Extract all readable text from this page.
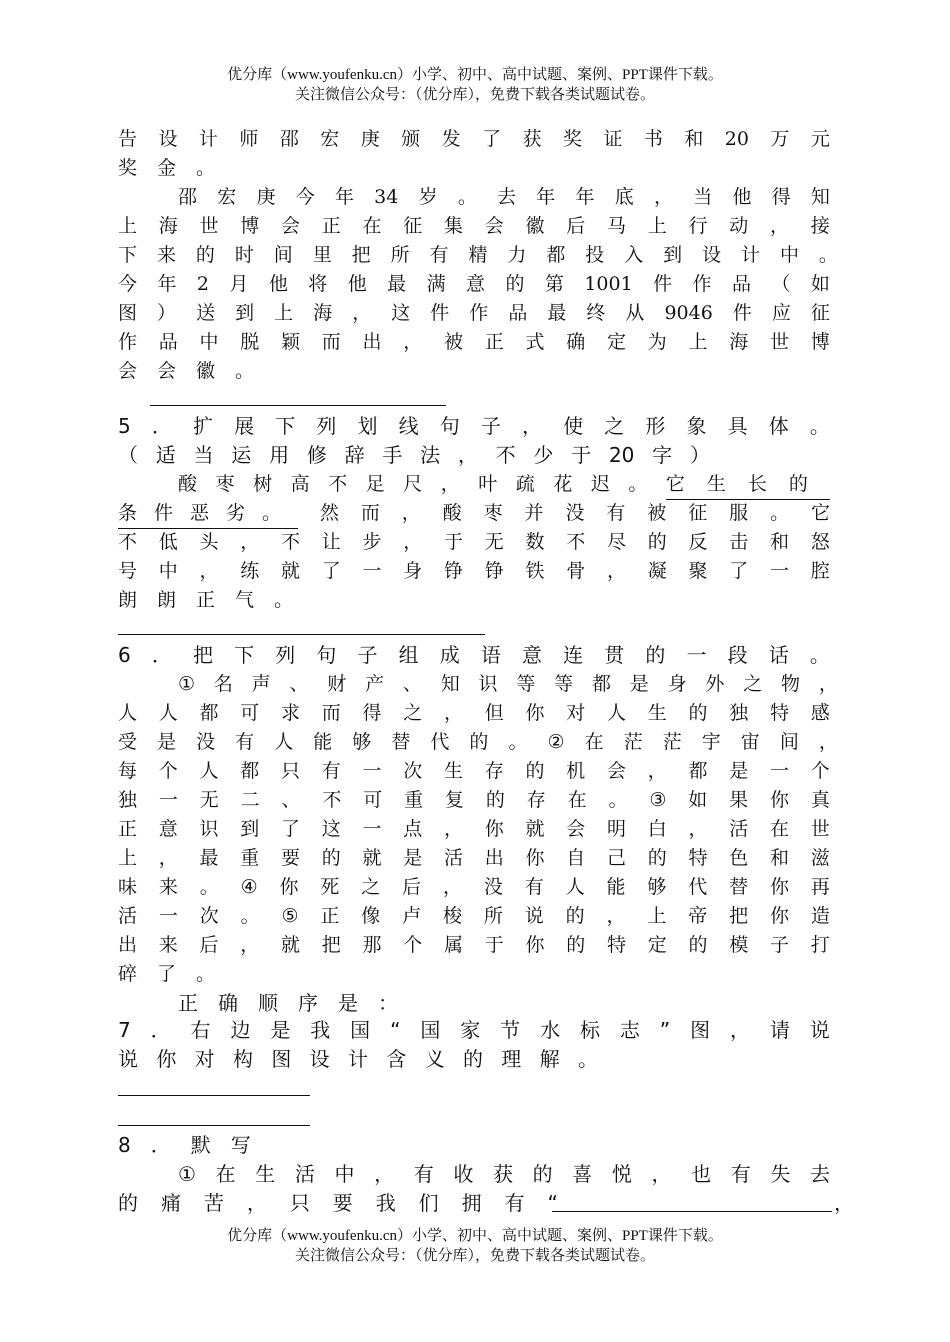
优分库（www.youfenku.cn）小学、初中、高中试题、案例、PPT课件下载。
关注微信公众号：（优分库），免费下载各类试题试卷。

告 设 计 师 邵 宏 庚 颁 发 了 获 奖 证 书 和 20 万 元

奖 金 。

邵 宏 庚 今 年 34 岁 。 去 年 年 底 ， 当 他 得 知

上 海 世 博 会 正 在 征 集 会 徽 后 马 上 行 动 ， 接

下 来 的 时 间 里 把 所 有 精 力 都 投 入 到 设 计 中 。

今 年 2 月 他 将 他 最 满 意 的 第 1001 件 作 品 （ 如

图 ） 送 到 上 海 ， 这 件 作 品 最 终 从 9046 件 应 征

作 品 中 脱 颖 而 出 ， 被 正 式 确 定 为 上 海 世 博

会 会 徽 。

5 ． 扩 展 下 列 划 线 句 子 ， 使 之 形 象 具 体 。

（ 适 当 运 用 修 辞 手 法 ， 不 少 于 20 字 ）

酸 枣 树 高 不 足 尺 ， 叶 疏 花 迟 。 它生长的

条件恶劣。 然 而 ， 酸 枣 并 没 有 被 征 服 。 它

不 低 头 ， 不 让 步 ， 于 无 数 不 尽 的 反 击 和 怒

号 中 ， 练 就 了 一 身 铮 铮 铁 骨 ， 凝 聚 了 一 腔

朗 朗 正 气 。

6 ． 把 下 列 句 子 组 成 语 意 连 贯 的 一 段 话 。

① 名 声 、 财 产 、 知 识 等 等 都 是 身 外 之 物 ，

人 人 都 可 求 而 得 之 ， 但 你 对 人 生 的 独 特 感

受 是 没 有 人 能 够 替 代 的 。 ② 在 茫 茫 宇 宙 间 ，

每 个 人 都 只 有 一 次 生 存 的 机 会 ， 都 是 一 个

独 一 无 二 、 不 可 重 复 的 存 在 。 ③ 如 果 你 真

正 意 识 到 了 这 一 点 ， 你 就 会 明 白 ， 活 在 世

上 ， 最 重 要 的 就 是 活 出 你 自 己 的 特 色 和 滋

味 来 。 ④ 你 死 之 后 ， 没 有 人 能 够 代 替 你 再

活 一 次 。 ⑤ 正 像 卢 梭 所 说 的 ， 上 帝 把 你 造

出 来 后 ， 就 把 那 个 属 于 你 的 特 定 的 模 子 打

碎 了 。

正 确 顺 序 是 ：

7 ． 右 边 是 我 国 “ 国 家 节 水 标 志 ” 图 ， 请 说

说 你 对 构 图 设 计 含 义 的 理 解 。

8 ． 默 写

① 在 生 活 中 ， 有 收 获 的 喜 悦 ， 也 有 失 去

的 痛 苦 ， 只 要 我 们 拥 有 “	，
优分库（www.youfenku.cn）小学、初中、高中试题、案例、PPT课件下载。
关注微信公众号：（优分库），免费下载各类试题试卷。
